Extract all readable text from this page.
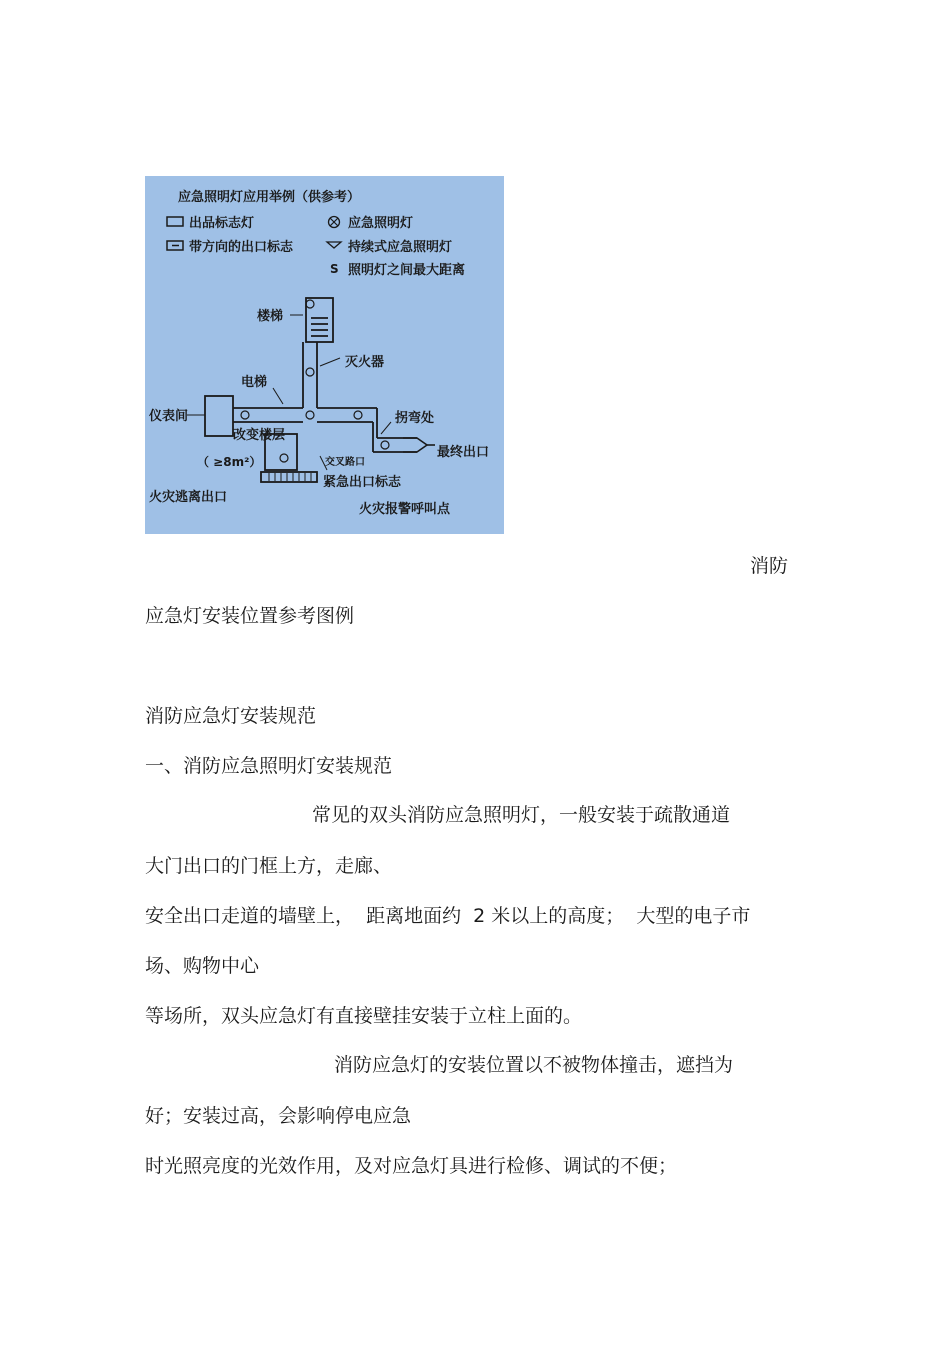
应急照明灯应用举例（供参考）
出品标志灯
带方向的出口标志
应急照明灯
持续式应急照明灯
S 照明灯之间最大距离
楼梯
灭火器
电梯
仪表间
改变楼层
（ ≥8m²）
拐弯处
最终出口
交叉路口
紧急出口标志
火灾逃离出口
火灾报警呼叫点
消防
应急灯安装位置参考图例
消防应急灯安装规范
一、消防应急照明灯安装规范
常见的双头消防应急照明灯，一般安装于疏散通道
大门出口的门框上方，走廊、
安全出口走道的墙壁上，  距离地面约  2 米以上的高度；  大型的电子市
场、购物中心
等场所，双头应急灯有直接壁挂安装于立柱上面的。
消防应急灯的安装位置以不被物体撞击，遮挡为
好；安装过高，会影响停电应急
时光照亮度的光效作用，及对应急灯具进行检修、调试的不便；
